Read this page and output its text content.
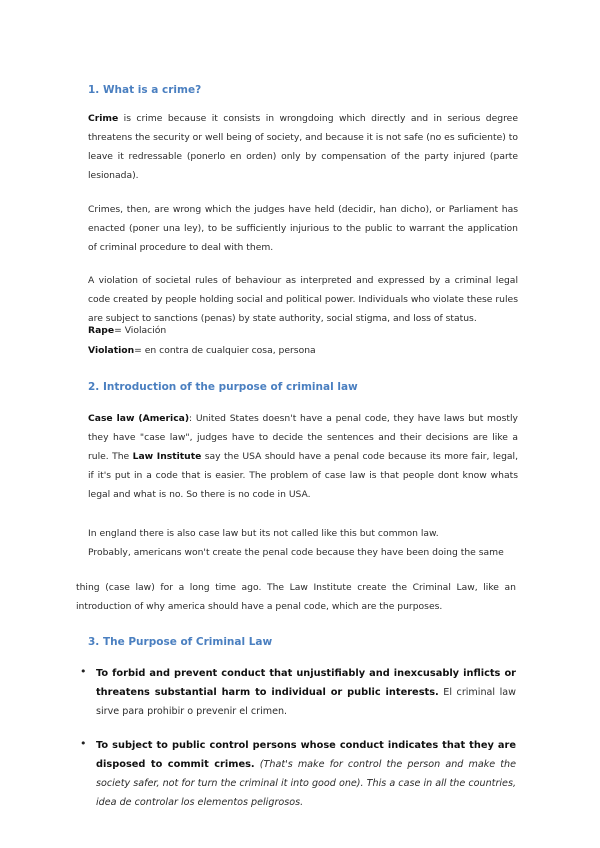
1. What is a crime?

Crime is crime because it consists in wrongdoing which directly and in serious degree threatens the security or well being of society, and because it is not safe (no es suficiente) to leave it redressable (ponerlo en orden) only by compensation of the party injured (parte lesionada).

Crimes, then, are wrong which the judges have held (decidir, han dicho), or Parliament has enacted (poner una ley), to be sufficiently injurious to the public to warrant the application of criminal procedure to deal with them.

A violation of societal rules of behaviour as interpreted and expressed by a criminal legal code created by people holding social and political power. Individuals who violate these rules are subject to sanctions (penas) by state authority, social stigma, and loss of status.

Rape= Violación
Violation= en contra de cualquier cosa, persona
2. Introduction of the purpose of criminal law

Case law (America): United States doesn't have a penal code, they have laws but mostly they have "case law", judges have to decide the sentences and their decisions are like a rule. The Law Institute say the USA should have a penal code because its more fair, legal, if it's put in a code that is easier. The problem of case law is that people dont know whats legal and what is no. So there is no code in USA.

In england there is also case law but its not called like this but common law.
Probably, americans won't create the penal code because they have been doing the same

thing (case law) for a long time ago. The Law Institute create the Criminal Law, like an introduction of why america should have a penal code, which are the purposes.

3. The Purpose of Criminal Law
• To forbid and prevent conduct that unjustifiably and inexcusably inflicts or threatens substantial harm to individual or public interests. El criminal law sirve para prohibir o prevenir el crimen.

• To subject to public control persons whose conduct indicates that they are disposed to commit crimes. (That's make for control the person and make the society safer, not for turn the criminal it into good one). This a case in all the countries, idea de controlar los elementos peligrosos.
